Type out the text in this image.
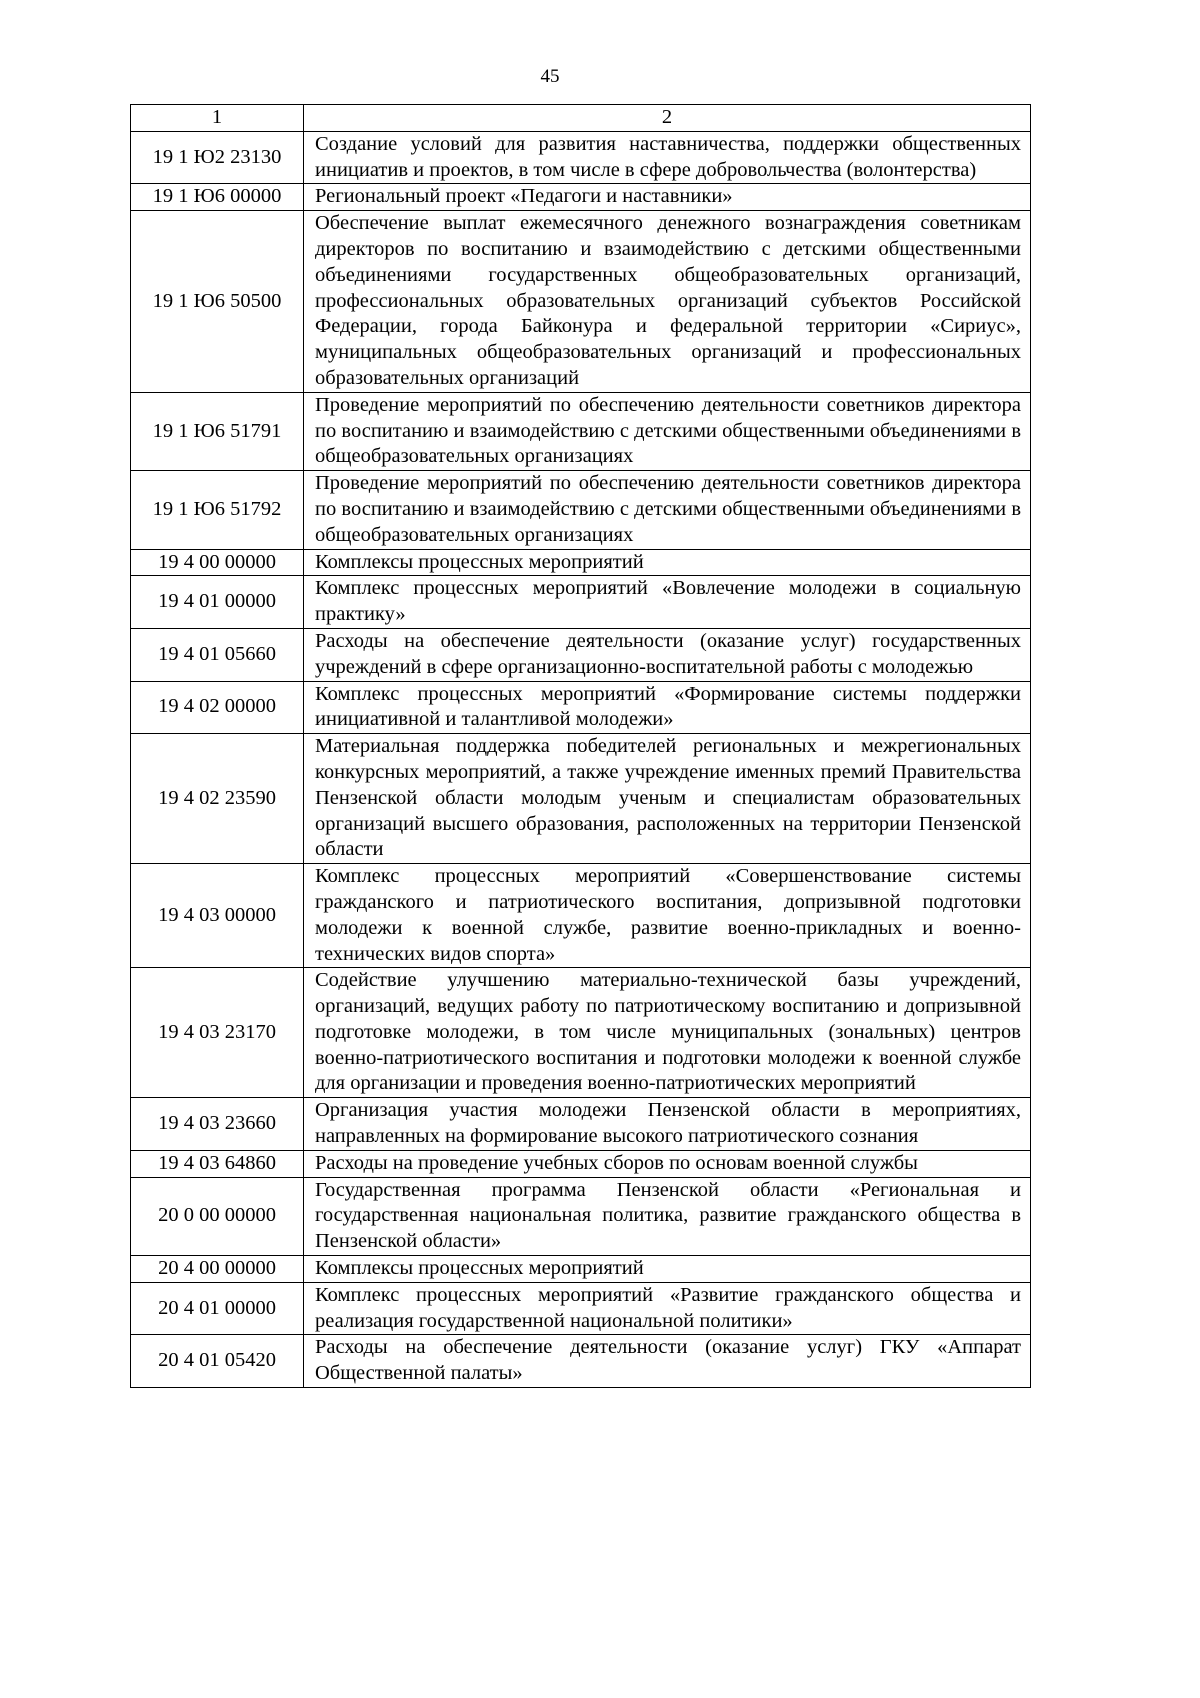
45
1	2
19 1 Ю2 23130	Создание условий для развития наставничества, поддержки общественных инициатив и проектов, в том числе в сфере добровольчества (волонтерства)
19 1 Ю6 00000	Региональный проект «Педагоги и наставники»
19 1 Ю6 50500	Обеспечение выплат ежемесячного денежного вознаграждения советникам директоров по воспитанию и взаимодействию с детскими общественными объединениями государственных общеобразовательных организаций, профессиональных образовательных организаций субъектов Российской Федерации, города Байконура и федеральной территории «Сириус», муниципальных общеобразовательных организаций и профессиональных образовательных организаций
19 1 Ю6 51791	Проведение мероприятий по обеспечению деятельности советников директора по воспитанию и взаимодействию с детскими общественными объединениями в общеобразовательных организациях
19 1 Ю6 51792	Проведение мероприятий по обеспечению деятельности советников директора по воспитанию и взаимодействию с детскими общественными объединениями в общеобразовательных организациях
19 4 00 00000	Комплексы процессных мероприятий
19 4 01 00000	Комплекс процессных мероприятий «Вовлечение молодежи в социальную практику»
19 4 01 05660	Расходы на обеспечение деятельности (оказание услуг) государственных учреждений в сфере организационно-воспитательной работы с молодежью
19 4 02 00000	Комплекс процессных мероприятий «Формирование системы поддержки инициативной и талантливой молодежи»
19 4 02 23590	Материальная поддержка победителей региональных и межрегиональных конкурсных мероприятий, а также учреждение именных премий Правительства Пензенской области молодым ученым и специалистам образовательных организаций высшего образования, расположенных на территории Пензенской области
19 4 03 00000	Комплекс процессных мероприятий «Совершенствование системы гражданского и патриотического воспитания, допризывной подготовки молодежи к военной службе, развитие военно-прикладных и военно-технических видов спорта»
19 4 03 23170	Содействие улучшению материально-технической базы учреждений, организаций, ведущих работу по патриотическому воспитанию и допризывной подготовке молодежи, в том числе муниципальных (зональных) центров военно-патриотического воспитания и подготовки молодежи к военной службе для организации и проведения военно-патриотических мероприятий
19 4 03 23660	Организация участия молодежи Пензенской области в мероприятиях, направленных на формирование высокого патриотического сознания
19 4 03 64860	Расходы на проведение учебных сборов по основам военной службы
20 0 00 00000	Государственная программа Пензенской области «Региональная и государственная национальная политика, развитие гражданского общества в Пензенской области»
20 4 00 00000	Комплексы процессных мероприятий
20 4 01 00000	Комплекс процессных мероприятий «Развитие гражданского общества и реализация государственной национальной политики»
20 4 01 05420	Расходы на обеспечение деятельности (оказание услуг) ГКУ «Аппарат Общественной палаты»
